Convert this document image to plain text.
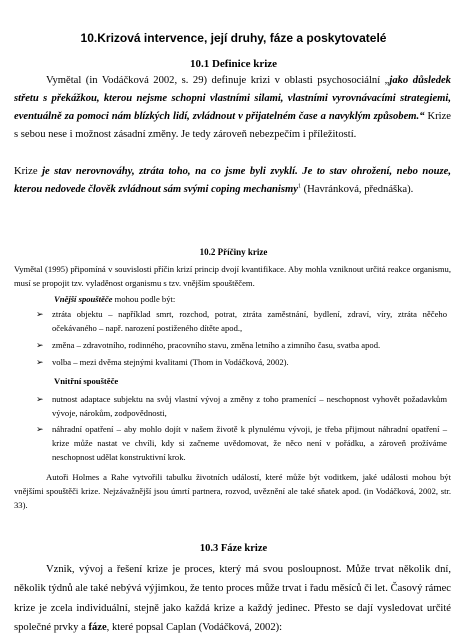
10.Krizová intervence, její druhy, fáze a poskytovatelé
10.1 Definice krize
Vymětal (in Vodáčková 2002, s. 29) definuje krizi v oblasti psychosociální „jako důsledek střetu s překážkou, kterou nejsme schopni vlastními silami, vlastními vyrovnávacími strategiemi, eventuálně za pomoci nám blízkých lidí, zvládnout v přijatelném čase a navyklým způsobem.“ Krize s sebou nese i možnost zásadní změny. Je tedy zároveň nebezpečím i příležitostí.
Krize je stav nerovnováhy, ztráta toho, na co jsme byli zvyklí. Je to stav ohrožení, nebo nouze, kterou nedovede člověk zvládnout sám svými coping mechanismy$^1$ (Havránková, přednáška).
10.2 Příčiny krize
Vymětal (1995) připomíná v souvislosti příčin krizí princip dvojí kvantifikace. Aby mohla vzniknout určitá reakce organismu, musí se propojit tzv. vyladěnost organismu s tzv. vnějším spouštěčem.
Vnější spouštěče mohou podle být:
➢ ztráta objektu – například smrt, rozchod, potrat, ztráta zaměstnání, bydlení, zdraví, víry, ztráta něčeho očekávaného – např. narození postiženého dítěte apod.,
➢ změna – zdravotního, rodinného, pracovního stavu, změna letního a zimního času, svatba apod.
➢ volba – mezi dvěma stejnými kvalitami (Thom in Vodáčková, 2002).
Vnitřní spouštěče
➢ nutnost adaptace subjektu na svůj vlastní vývoj a změny z toho pramenící – neschopnost vyhovět požadavkům vývoje, nárokům, zodpovědnosti,
➢ náhradní opatření – aby mohlo dojít v našem životě k plynulému vývoji, je třeba přijmout náhradní opatření – krize může nastat ve chvíli, kdy si začneme uvědomovat, že něco není v pořádku, a zároveň prožíváme neschopnost udělat konstruktivní krok.
Autoři Holmes a Rahe vytvořili tabulku životních událostí, které může být voditkem, jaké události mohou být vnějšími spouštěči krize. Nejzávažnější jsou úmrtí partnera, rozvod, uvěznění ale také sňatek apod. (in Vodáčková, 2002, str. 33).
10.3 Fáze krize
Vznik, vývoj a řešení krize je proces, který má svou posloupnost. Může trvat několik dní, několik týdnů ale také nebývá výjimkou, že tento proces může trvat i řadu měsíců či let. Časový rámec krize je zcela individuální, stejně jako každá krize a každý jedinec. Přesto se dají vysledovat určité společné prvky a fáze, které popsal Caplan (Vodáčková, 2002):
